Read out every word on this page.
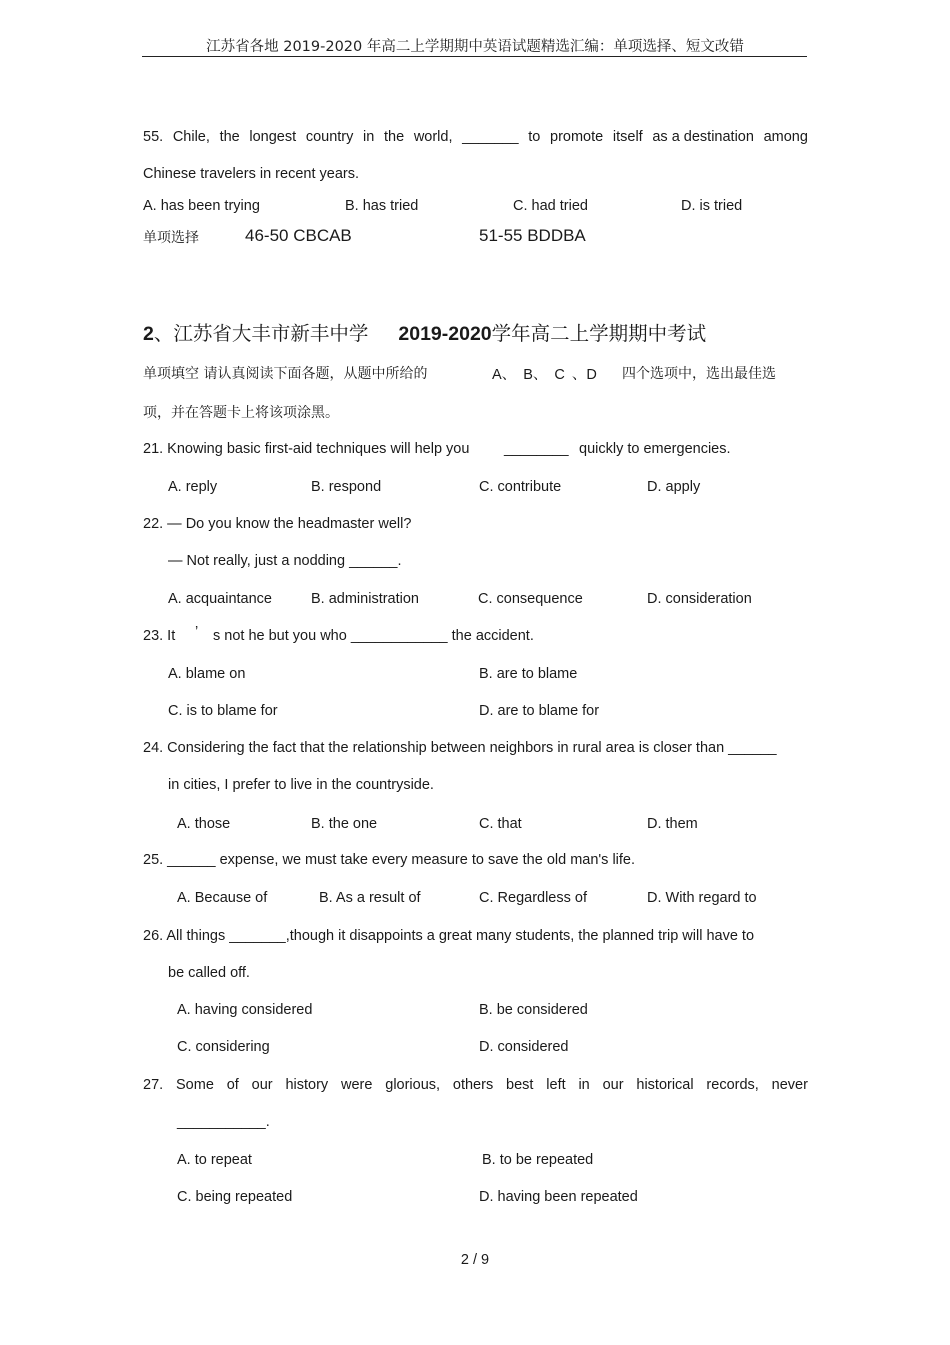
江苏省各地 2019-2020 年高二上学期期中英语试题精选汇编：单项选择、短文改错
55. Chile, the longest country in the world, _______ to promote itself as a destination among
Chinese travelers in recent years.
A. has been trying	B. has tried	C. had tried	D. is tried
单项选择	46-50 CBCAB	51-55 BDDBA
2、江苏省大丰市新丰中学 2019-2020学年高二上学期期中考试
单项填空 请认真阅读下面各题，从题中所给的	A、 B、 C 、D 四个选项中，选出最佳选
项，并在答题卡上将该项涂黑。
21. Knowing basic first-aid techniques will help you ________ quickly to emergencies.
A. reply	B. respond	C. contribute	D. apply
22. — Do you know the headmaster well?
— Not really, just a nodding ______.
A. acquaintance	B. administration	C. consequence	D. consideration
23. It ’ s not he but you who ____________ the accident.
A. blame on	B. are to blame
C. is to blame for	D. are to blame for
24. Considering the fact that the relationship between neighbors in rural area is closer than ______
in cities, I prefer to live in the countryside.
A. those	B. the one	C. that	D. them
25. ______ expense, we must take every measure to save the old man's life.
A. Because of	B. As a result of	C. Regardless of	D. With regard to
26. All things _______,though it disappoints a great many students, the planned trip will have to
be called off.
A. having considered	B. be considered
C. considering	D. considered
27. Some of our history were glorious, others best left in our historical records, never
___________.
A. to repeat	B. to be repeated
C. being repeated	D. having been repeated
2 / 9
